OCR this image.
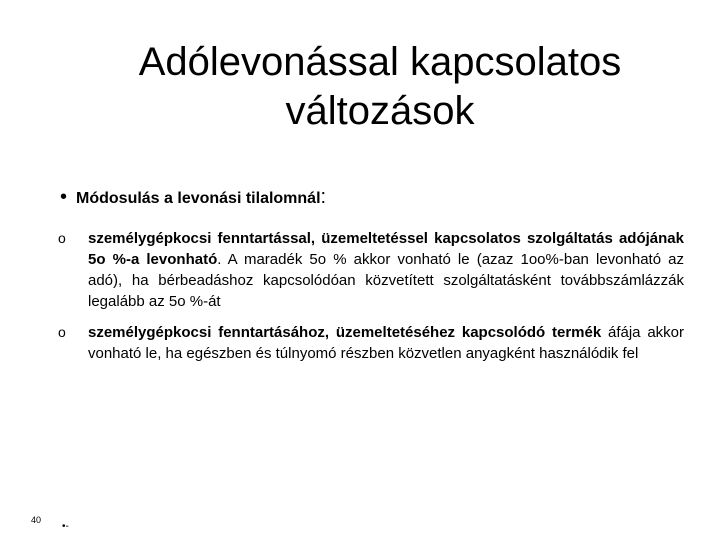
Adólevonással kapcsolatos
változások
• Módosulás a levonási tilalomnál :
o személygépkocsi fenntartással, üzemeltetéssel kapcsolatos szolgáltatás adójának 5o %-a levonható. A maradék 5o % akkor vonható le (azaz 1oo%-ban levonható az adó), ha bérbeadáshoz kapcsolódóan közvetített szolgáltatásként továbbszámlázzák legalább az 5o %-át
o személygépkocsi fenntartásához, üzemeltetéséhez kapcsolódó termék áfája akkor vonható le, ha egészben és túlnyomó részben közvetlen anyagként használódik fel
40
•-
